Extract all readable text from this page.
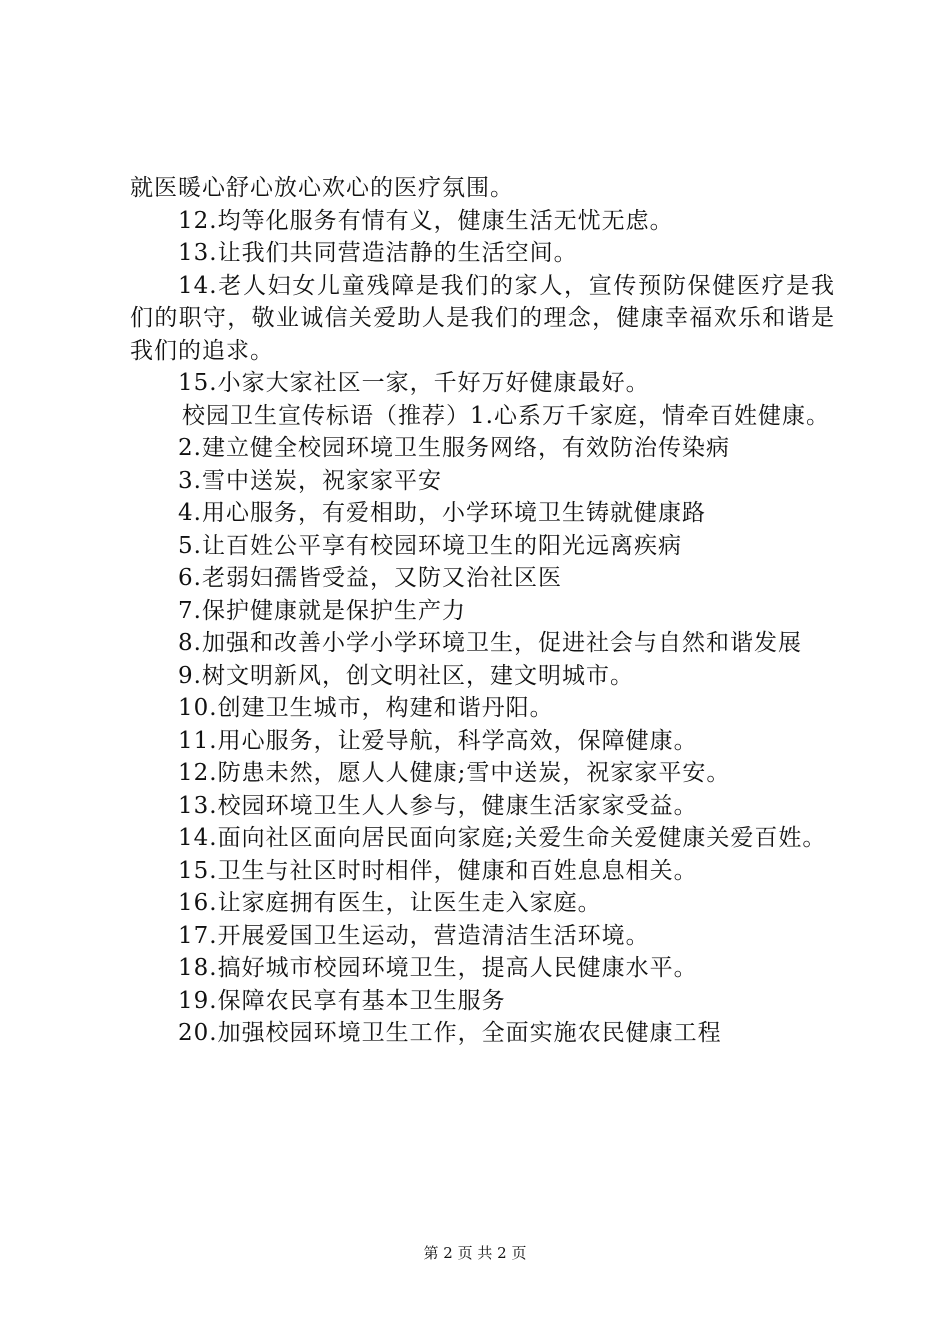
就医暖心舒心放心欢心的医疗氛围。

12.均等化服务有情有义，健康生活无忧无虑。

13.让我们共同营造洁静的生活空间。

14.老人妇女儿童残障是我们的家人，宣传预防保健医疗是我们的职守，敬业诚信关爱助人是我们的理念，健康幸福欢乐和谐是我们的追求。

15.小家大家社区一家，千好万好健康最好。

校园卫生宣传标语（推荐）1.心系万千家庭，情牵百姓健康。

2.建立健全校园环境卫生服务网络，有效防治传染病

3.雪中送炭，祝家家平安

4.用心服务，有爱相助，小学环境卫生铸就健康路

5.让百姓公平享有校园环境卫生的阳光远离疾病

6.老弱妇孺皆受益，又防又治社区医

7.保护健康就是保护生产力

8.加强和改善小学小学环境卫生，促进社会与自然和谐发展

9.树文明新风，创文明社区，建文明城市。

10.创建卫生城市，构建和谐丹阳。

11.用心服务，让爱导航，科学高效，保障健康。

12.防患未然，愿人人健康;雪中送炭，祝家家平安。

13.校园环境卫生人人参与，健康生活家家受益。

14.面向社区面向居民面向家庭;关爱生命关爱健康关爱百姓。

15.卫生与社区时时相伴，健康和百姓息息相关。

16.让家庭拥有医生，让医生走入家庭。

17.开展爱国卫生运动，营造清洁生活环境。

18.搞好城市校园环境卫生，提高人民健康水平。

19.保障农民享有基本卫生服务

20.加强校园环境卫生工作，全面实施农民健康工程

第 2 页 共 2 页
